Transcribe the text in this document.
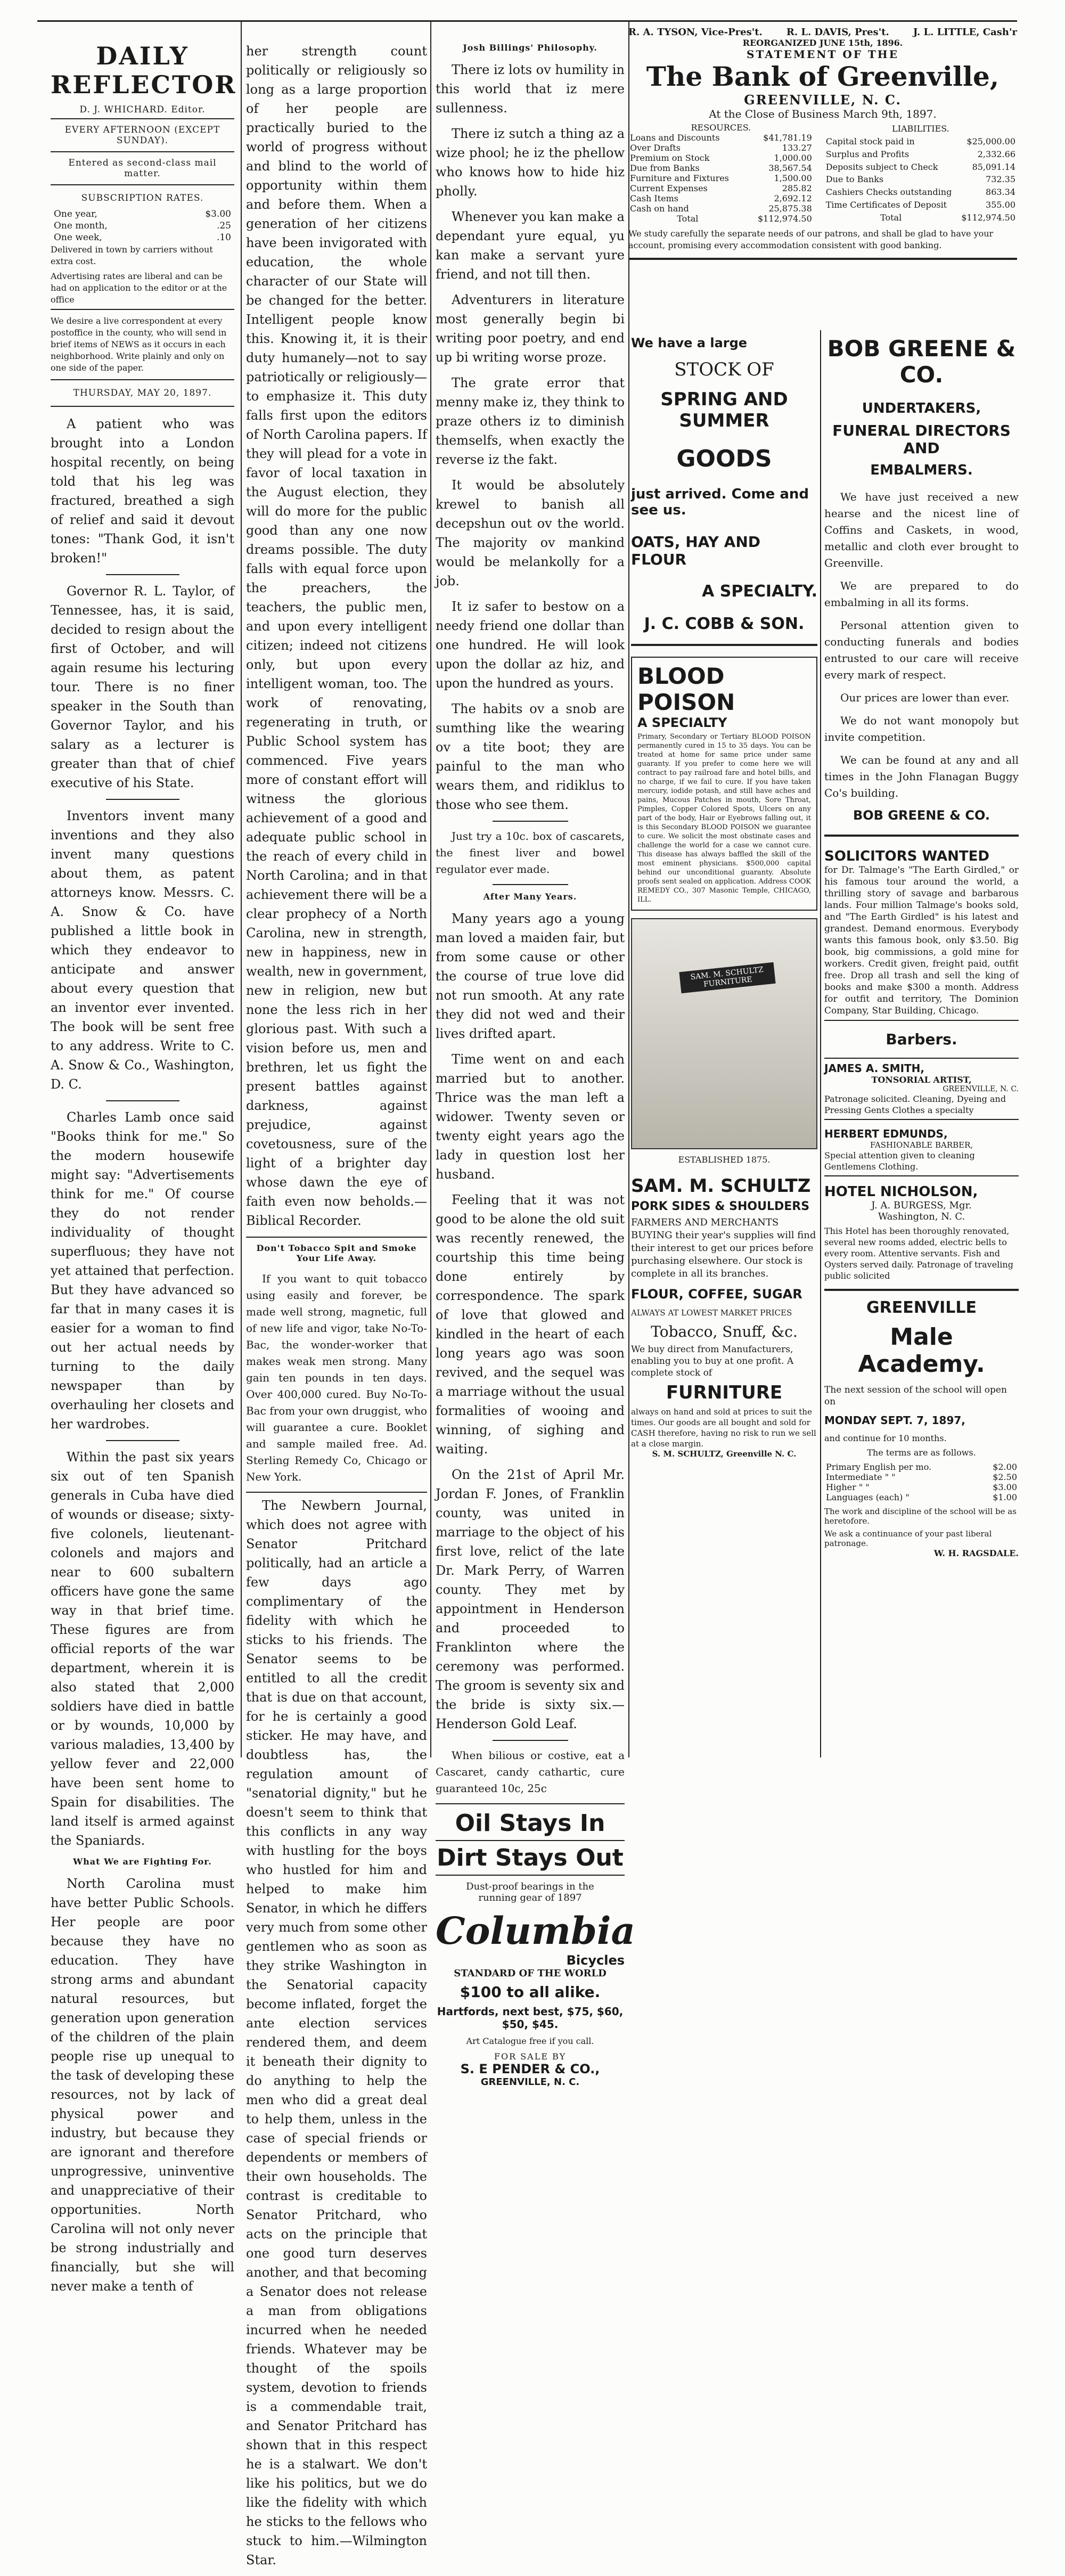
DAILY REFLECTOR
D. J. WHICHARD. Editor.
EVERY AFTERNOON (EXCEPT SUNDAY).
Entered as second-class mail matter.
SUBSCRIPTION RATES.
One year,	$3.00
One month,	.25
One week,	.10
Delivered in town by carriers without extra cost.
Advertising rates are liberal and can be had on application to the editor or at the office
We desire a live correspondent at every postoffice in the county, who will send in brief items of NEWS as it occurs in each neighborhood. Write plainly and only on one side of the paper.
THURSDAY, MAY 20, 1897.

A patient who was brought into a London hospital recently, on being told that his leg was fractured, breathed a sigh of relief and said it devout tones: "Thank God, it isn't broken!"

Governor R. L. Taylor, of Tennessee, has, it is said, decided to resign about the first of October, and will again resume his lecturing tour. There is no finer speaker in the South than Governor Taylor, and his salary as a lecturer is greater than that of chief executive of his State.

Inventors invent many inventions and they also invent many questions about them, as patent attorneys know. Messrs. C. A. Snow & Co. have published a little book in which they endeavor to anticipate and answer about every question that an inventor ever invented. The book will be sent free to any address. Write to C. A. Snow & Co., Washington, D. C.

Charles Lamb once said "Books think for me." So the modern housewife might say: "Advertisements think for me." Of course they do not render individuality of thought superfluous; they have not yet attained that perfection. But they have advanced so far that in many cases it is easier for a woman to find out her actual needs by turning to the daily newspaper than by overhauling her closets and her wardrobes.

Within the past six years six out of ten Spanish generals in Cuba have died of wounds or disease; sixty-five colonels, lieutenant-colonels and majors and near to 600 subaltern officers have gone the same way in that brief time. These figures are from official reports of the war department, wherein it is also stated that 2,000 soldiers have died in battle or by wounds, 10,000 by various maladies, 13,400 by yellow fever and 22,000 have been sent home to Spain for disabilities. The land itself is armed against the Spaniards.

What We are Fighting For.

North Carolina must have better Public Schools. Her people are poor because they have no education. They have strong arms and abundant natural resources, but generation upon generation of the children of the plain people rise up unequal to the task of developing these resources, not by lack of physical power and industry, but because they are ignorant and therefore unprogressive, uninventive and unappreciative of their opportunities. North Carolina will not only never be strong industrially and financially, but she will never make a tenth of

her strength count politically or religiously so long as a large proportion of her people are practically buried to the world of progress without and blind to the world of opportunity within them and before them. When a generation of her citizens have been invigorated with education, the whole character of our State will be changed for the better. Intelligent people know this. Knowing it, it is their duty humanely—not to say patriotically or religiously—to emphasize it. This duty falls first upon the editors of North Carolina papers. If they will plead for a vote in favor of local taxation in the August election, they will do more for the public good than any one now dreams possible. The duty falls with equal force upon the preachers, the teachers, the public men, and upon every intelligent citizen; indeed not citizens only, but upon every intelligent woman, too. The work of renovating, regenerating in truth, or Public School system has commenced. Five years more of constant effort will witness the glorious achievement of a good and adequate public school in the reach of every child in North Carolina; and in that achievement there will be a clear prophecy of a North Carolina, new in strength, new in happiness, new in wealth, new in government, new in religion, new but none the less rich in her glorious past. With such a vision before us, men and brethren, let us fight the present battles against darkness, against prejudice, against covetousness, sure of the light of a brighter day whose dawn the eye of faith even now beholds.—Biblical Recorder.

Don't Tobacco Spit and Smoke Your Life Away.

If you want to quit tobacco using easily and forever, be made well strong, magnetic, full of new life and vigor, take No-To-Bac, the wonder-worker that makes weak men strong. Many gain ten pounds in ten days. Over 400,000 cured. Buy No-To-Bac from your own druggist, who will guarantee a cure. Booklet and sample mailed free. Ad. Sterling Remedy Co, Chicago or New York.

The Newbern Journal, which does not agree with Senator Pritchard politically, had an article a few days ago complimentary of the fidelity with which he sticks to his friends. The Senator seems to be entitled to all the credit that is due on that account, for he is certainly a good sticker. He may have, and doubtless has, the regulation amount of "senatorial dignity," but he doesn't seem to think that this conflicts in any way with hustling for the boys who hustled for him and helped to make him Senator, in which he differs very much from some other gentlemen who as soon as they strike Washington in the Senatorial capacity become inflated, forget the ante election services rendered them, and deem it beneath their dignity to do anything to help the men who did a great deal to help them, unless in the case of special friends or dependents or members of their own households. The contrast is creditable to Senator Pritchard, who acts on the principle that one good turn deserves another, and that becoming a Senator does not release a man from obligations incurred when he needed friends. Whatever may be thought of the spoils system, devotion to friends is a commendable trait, and Senator Pritchard has shown that in this respect he is a stalwart. We don't like his politics, but we do like the fidelity with which he sticks to the fellows who stuck to him.—Wilmington Star.

Josh Billings' Philosophy.

There iz lots ov humility in this world that iz mere sullenness.

There iz sutch a thing az a wize phool; he iz the phellow who knows how to hide hiz pholly.

Whenever you kan make a dependant yure equal, yu kan make a servant yure friend, and not till then.

Adventurers in literature most generally begin bi writing poor poetry, and end up bi writing worse proze.

The grate error that menny make iz, they think to praze others iz to diminish themselfs, when exactly the reverse iz the fakt.

It would be absolutely krewel to banish all decepshun out ov the world. The majority ov mankind would be melankolly for a job.

It iz safer to bestow on a needy friend one dollar than one hundred. He will look upon the dollar az hiz, and upon the hundred as yours.

The habits ov a snob are sumthing like the wearing ov a tite boot; they are painful to the man who wears them, and ridiklus to those who see them.

Just try a 10c. box of cascarets, the finest liver and bowel regulator ever made.

After Many Years.

Many years ago a young man loved a maiden fair, but from some cause or other the course of true love did not run smooth. At any rate they did not wed and their lives drifted apart.

Time went on and each married but to another. Thrice was the man left a widower. Twenty seven or twenty eight years ago the lady in question lost her husband.

Feeling that it was not good to be alone the old suit was recently renewed, the courtship this time being done entirely by correspondence. The spark of love that glowed and kindled in the heart of each long years ago was soon revived, and the sequel was a marriage without the usual formalities of wooing and winning, of sighing and waiting.

On the 21st of April Mr. Jordan F. Jones, of Franklin county, was united in marriage to the object of his first love, relict of the late Dr. Mark Perry, of Warren county. They met by appointment in Henderson and proceeded to Franklinton where the ceremony was performed. The groom is seventy six and the bride is sixty six.—Henderson Gold Leaf.

When bilious or costive, eat a Cascaret, candy cathartic, cure guaranteed 10c, 25c

Oil Stays In
Dirt Stays Out
Dust-proof bearings in the running gear of 1897
Columbia
Bicycles
STANDARD OF THE WORLD
$100 to all alike.
Hartfords, next best, $75, $60, $50, $45.
Art Catalogue free if you call.
FOR SALE BY
S. E PENDER & CO.,
GREENVILLE, N. C.
R. A. TYSON, Vice-Pres't.	R. L. DAVIS, Pres't.	J. L. LITTLE, Cash'r
REORGANIZED JUNE 15th, 1896.
STATEMENT OF THE
The Bank of Greenville,
GREENVILLE, N. C.
At the Close of Business March 9th, 1897.
RESOURCES.	
Loans and Discounts	$41,781.19
Over Drafts	133.27
Premium on Stock	1,000.00
Due from Banks	38,567.54
Furniture and Fixtures	1,500.00
Current Expenses	285.82
Cash Items	2,692.12
Cash on hand	25,875.38
Total	$112,974.50
LIABILITIES.	
Capital stock paid in	$25,000.00
Surplus and Profits	2,332.66
Deposits subject to Check	85,091.14
Due to Banks	732.35
Cashiers Checks outstanding	863.34
Time Certificates of Deposit	355.00
Total	$112,974.50
We study carefully the separate needs of our patrons, and shall be glad to have your account, promising every accommodation consistent with good banking.
We have a large
STOCK OF
SPRING AND SUMMER
GOODS
just arrived. Come and see us.
OATS, HAY AND FLOUR
A SPECIALTY.
J. C. COBB & SON.
BLOOD POISON
A SPECIALTY
Primary, Secondary or Tertiary BLOOD POISON permanently cured in 15 to 35 days. You can be treated at home for same price under same guaranty. If you prefer to come here we will contract to pay railroad fare and hotel bills, and no charge, if we fail to cure. If you have taken mercury, iodide potash, and still have aches and pains, Mucous Patches in mouth, Sore Throat, Pimples, Copper Colored Spots, Ulcers on any part of the body, Hair or Eyebrows falling out, it is this Secondary BLOOD POISON we guarantee to cure. We solicit the most obstinate cases and challenge the world for a case we cannot cure. This disease has always baffled the skill of the most eminent physicians. $500,000 capital behind our unconditional guaranty. Absolute proofs sent sealed on application. Address COOK REMEDY CO., 307 Masonic Temple, CHICAGO, ILL.
SAM. M. SCHULTZ FURNITURE
ESTABLISHED 1875.
SAM. M. SCHULTZ
PORK SIDES & SHOULDERS
FARMERS AND MERCHANTS BUYING their year's supplies will find their interest to get our prices before purchasing elsewhere. Our stock is complete in all its branches.
FLOUR, COFFEE, SUGAR
ALWAYS AT LOWEST MARKET PRICES
Tobacco, Snuff, &c.
We buy direct from Manufacturers, enabling you to buy at one profit. A complete stock of
FURNITURE
always on hand and sold at prices to suit the times. Our goods are all bought and sold for CASH therefore, having no risk to run we sell at a close margin.
S. M. SCHULTZ, Greenville N. C.
BOB GREENE & CO.
UNDERTAKERS,
FUNERAL DIRECTORS AND
EMBALMERS.

We have just received a new hearse and the nicest line of Coffins and Caskets, in wood, metallic and cloth ever brought to Greenville.

We are prepared to do embalming in all its forms.

Personal attention given to conducting funerals and bodies entrusted to our care will receive every mark of respect.

Our prices are lower than ever.

We do not want monopoly but invite competition.

We can be found at any and all times in the John Flanagan Buggy Co's building.

BOB GREENE & CO.
SOLICITORS WANTED
for Dr. Talmage's "The Earth Girdled," or his famous tour around the world, a thrilling story of savage and barbarous lands. Four million Talmage's books sold, and "The Earth Girdled" is his latest and grandest. Demand enormous. Everybody wants this famous book, only $3.50. Big book, big commissions, a gold mine for workers. Credit given, freight paid, outfit free. Drop all trash and sell the king of books and make $300 a month. Address for outfit and territory, The Dominion Company, Star Building, Chicago.
Barbers.
JAMES A. SMITH,
TONSORIAL ARTIST,
GREENVILLE, N. C.
Patronage solicited. Cleaning, Dyeing and Pressing Gents Clothes a specialty
HERBERT EDMUNDS,
FASHIONABLE BARBER,
Special attention given to cleaning Gentlemens Clothing.
HOTEL NICHOLSON,
J. A. BURGESS, Mgr.
Washington, N. C.
This Hotel has been thoroughly renovated, several new rooms added, electric bells to every room. Attentive servants. Fish and Oysters served daily. Patronage of traveling public solicited
GREENVILLE
Male Academy.
The next session of the school will open on
MONDAY SEPT. 7, 1897,
and continue for 10 months.
The terms are as follows.
Primary English per mo.	$2.00
Intermediate " "	$2.50
Higher " "	$3.00
Languages (each) "	$1.00
The work and discipline of the school will be as heretofore.
We ask a continuance of your past liberal patronage.
W. H. RAGSDALE.
